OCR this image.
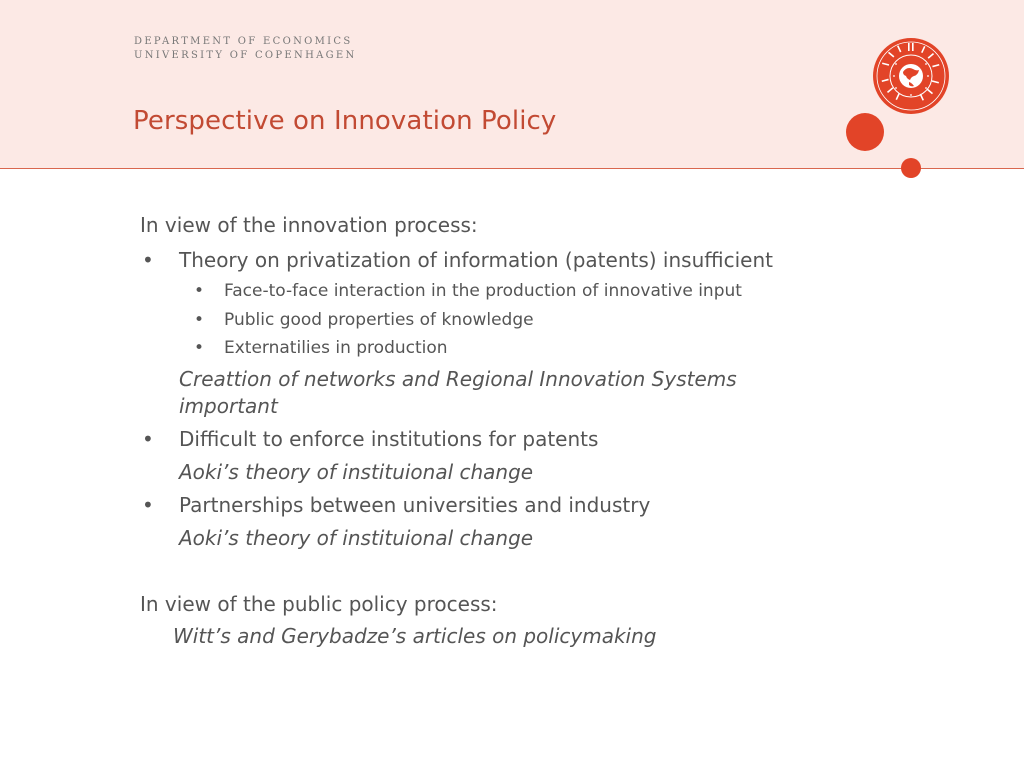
DEPARTMENT OF ECONOMICS
UNIVERSITY OF COPENHAGEN
Perspective on Innovation Policy
In view of the innovation process:
• Theory on privatization of information (patents) insufficient
• Face-to-face interaction in the production of innovative input
• Public good properties of knowledge
• Externatilies in production
Creattion of networks and Regional Innovation Systems
important
• Difficult to enforce institutions for patents
Aoki’s theory of instituional change
• Partnerships between universities and industry
Aoki’s theory of instituional change
In view of the public policy process:
Witt’s and Gerybadze’s articles on policymaking
